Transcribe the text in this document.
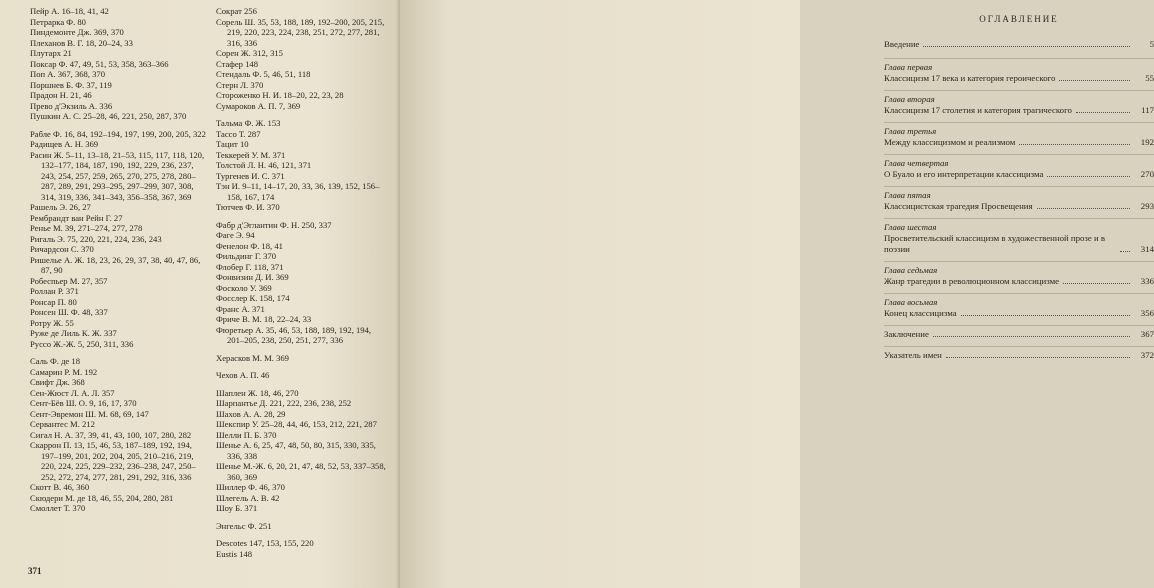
Пейр А. 16–18, 41, 42
Петрарка Ф. 80
Пиндемонте Дж. 369, 370
Плеханов В. Г. 18, 20–24, 33
Плутарх 21
Поксар Ф. 47, 49, 51, 53, 358, 363–366
Поп А. 367, 368, 370
Поршнев Б. Ф. 37, 119
Прадон Н. 21, 46
Прево д'Экзиль А. 336
Пушкин А. С. 25–28, 46, 221, 250, 287, 370
Рабле Ф. 16, 84, 192–194, 197, 199, 200, 205, 322
Радищев А. Н. 369
Расин Ж. 5–11, 13–18, 21–53, 115, 117, 118, 120, 132–177, 184, 187, 190, 192, 229, 236, 237, 243, 254, 257, 259, 265, 270, 275, 278, 280–287, 289, 291, 293–295, 297–299, 307, 308, 314, 319, 336, 341–343, 356–358, 367, 369
Рашель Э. 26, 27
Рембрандт ван Рейн Г. 27
Ренье М. 39, 271–274, 277, 278
Ригаль Э. 75, 220, 221, 224, 236, 243
Ричардсон С. 370
Ришелье А. Ж. 18, 23, 26, 29, 37, 38, 40, 47, 86, 87, 90
Робеспьер М. 27, 357
Роллан Р. 371
Ронсар П. 80
Ронсен Ш. Ф. 48, 337
Ротру Ж. 55
Руже де Лиль К. Ж. 337
Руссо Ж.-Ж. 5, 250, 311, 336
Саль Ф. де 18
Самарин Р. М. 192
Свифт Дж. 368
Сен-Жюст Л. А. Л. 357
Сент-Бёв Ш. О. 9, 16, 17, 370
Сент-Эвремон Ш. М. 68, 69, 147
Сервантес М. 212
Сигал Н. А. 37, 39, 41, 43, 100, 107, 280, 282
Скаррон П. 13, 15, 46, 53, 187–189, 192, 194, 197–199, 201, 202, 204, 205, 210–216, 219, 220, 224, 225, 229–232, 236–238, 247, 250–252, 272, 274, 277, 281, 291, 292, 316, 336
Скотт В. 46, 360
Скюдери М. де 18, 46, 55, 204, 280, 281
Смоллет Т. 370
Сократ 256
Сорель Ш. 35, 53, 188, 189, 192–200, 205, 215, 219, 220, 223, 224, 238, 251, 272, 277, 281, 316, 336
Сорен Ж. 312, 315
Стафер 148
Стендаль Ф. 5, 46, 51, 118
Стерн Л. 370
Стороженко Н. И. 18–20, 22, 23, 28
Сумароков А. П. 7, 369
Тальма Ф. Ж. 153
Тассо Т. 287
Тацит 10
Теккерей У. М. 371
Толстой Л. Н. 46, 121, 371
Тургенев И. С. 371
Тэн И. 9–11, 14–17, 20, 33, 36, 139, 152, 156–158, 167, 174
Тютчев Ф. И. 370
Фабр д'Эглантин Ф. Н. 250, 337
Фаге Э. 94
Фенелон Ф. 18, 41
Фильдинг Г. 370
Флобер Г. 118, 371
Фонвизин Д. И. 369
Фосколо У. 369
Фосслер К. 158, 174
Франс А. 371
Фриче В. М. 18, 22–24, 33
Фюретьер А. 35, 46, 53, 188, 189, 192, 194, 201–205, 238, 250, 251, 277, 336
Херасков М. М. 369
Чехов А. П. 46
Шаплен Ж. 18, 46, 270
Шарпантье Д. 221, 222, 236, 238, 252
Шахов А. А. 28, 29
Шекспир У. 25–28, 44, 46, 153, 212, 221, 287
Шелли П. Б. 370
Шенье А. 6, 25, 47, 48, 50, 80, 315, 330, 335, 336, 338
Шенье М.-Ж. 6, 20, 21, 47, 48, 52, 53, 337–358, 360, 369
Шиллер Ф. 46, 370
Шлегель А. В. 42
Шоу Б. 371
Энгельс Ф. 251
Descotes 147, 153, 155, 220
Eustis 148
371
ОГЛАВЛЕНИЕ
Введение	5
Глава первая
Классицизм 17 века и категория героического	55
Глава вторая
Классицизм 17 столетия и категория трагического	117
Глава третья
Между классицизмом и реализмом	192
Глава четвертая
О Буало и его интерпретации классицизма	270
Глава пятая
Классицистская трагедия Просвещения	293
Глава шестая
Просветительский классицизм в художественной прозе и в поэзии	314
Глава седьмая
Жанр трагедии в революционном классицизме	336
Глава восьмая
Конец классицизма	356
Заключение	367
Указатель имен	372
